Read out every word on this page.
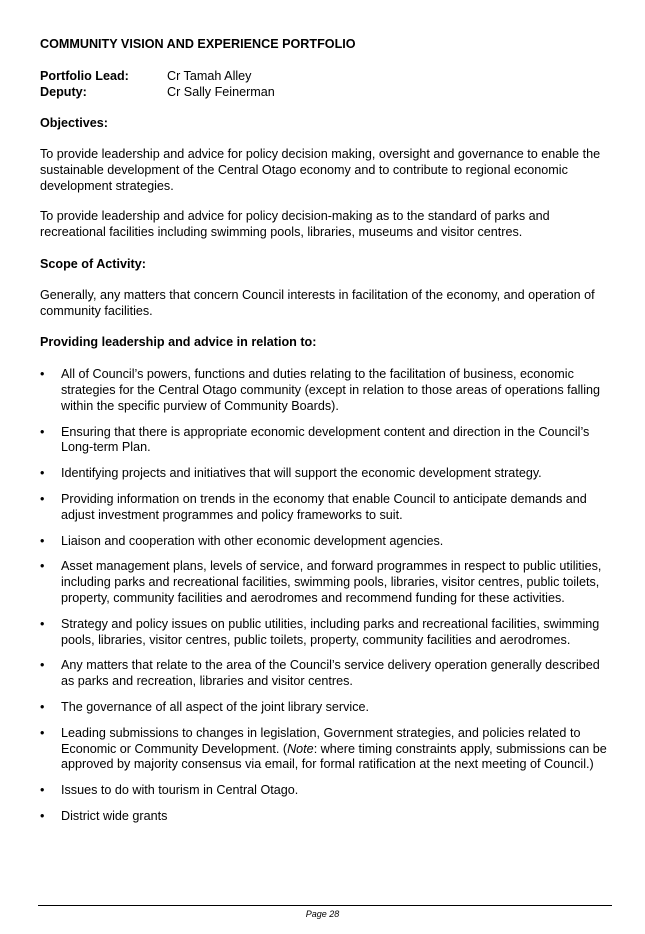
COMMUNITY VISION AND EXPERIENCE PORTFOLIO

Portfolio Lead:	Cr Tamah Alley
Deputy:	Cr Sally Feinerman

Objectives:

To provide leadership and advice for policy decision making, oversight and governance to enable the sustainable development of the Central Otago economy and to contribute to regional economic development strategies.

To provide leadership and advice for policy decision-making as to the standard of parks and recreational facilities including swimming pools, libraries, museums and visitor centres.

Scope of Activity:

Generally, any matters that concern Council interests in facilitation of the economy, and operation of community facilities.

Providing leadership and advice in relation to:

• All of Council’s powers, functions and duties relating to the facilitation of business, economic strategies for the Central Otago community (except in relation to those areas of operations falling within the specific purview of Community Boards).
• Ensuring that there is appropriate economic development content and direction in the Council’s Long-term Plan.
• Identifying projects and initiatives that will support the economic development strategy.
• Providing information on trends in the economy that enable Council to anticipate demands and adjust investment programmes and policy frameworks to suit.
• Liaison and cooperation with other economic development agencies.
• Asset management plans, levels of service, and forward programmes in respect to public utilities, including parks and recreational facilities, swimming pools, libraries, visitor centres, public toilets, property, community facilities and aerodromes and recommend funding for these activities.
• Strategy and policy issues on public utilities, including parks and recreational facilities, swimming pools, libraries, visitor centres, public toilets, property, community facilities and aerodromes.
• Any matters that relate to the area of the Council’s service delivery operation generally described as parks and recreation, libraries and visitor centres.
• The governance of all aspect of the joint library service.
• Leading submissions to changes in legislation, Government strategies, and policies related to Economic or Community Development. (Note: where timing constraints apply, submissions can be approved by majority consensus via email, for formal ratification at the next meeting of Council.)
• Issues to do with tourism in Central Otago.
• District wide grants
Page 28
